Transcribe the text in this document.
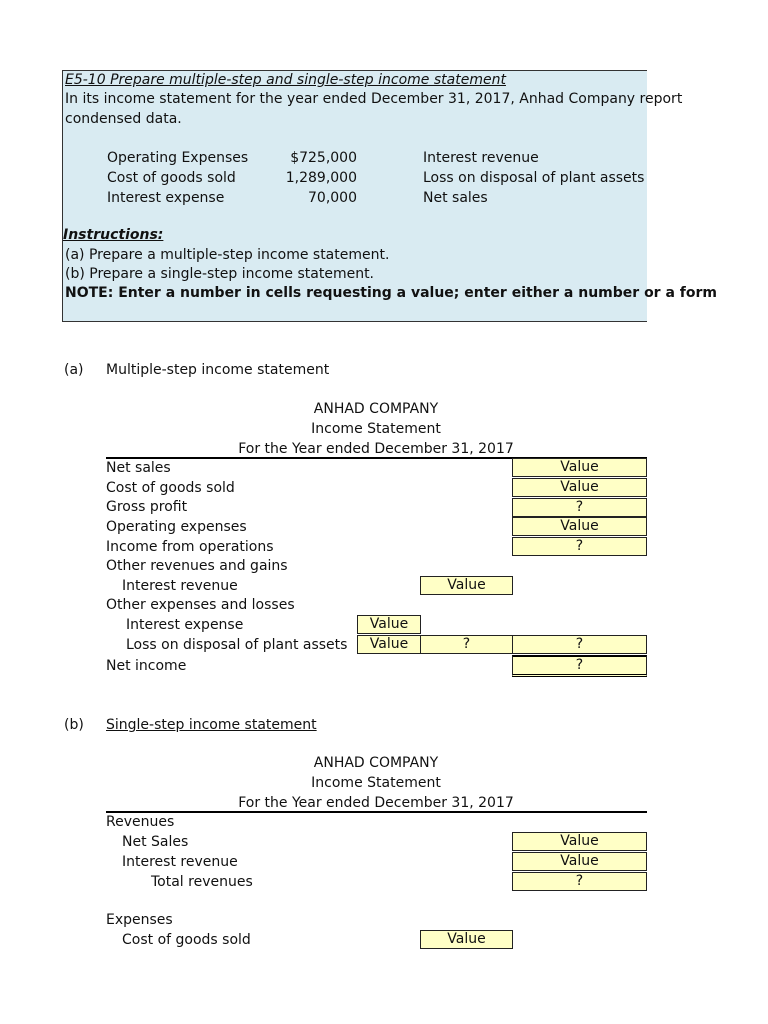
E5-10 Prepare multiple-step and single-step income statement
In its income statement for the year ended December 31, 2017, Anhad Company report
condensed data.
Operating Expenses	$725,000	Interest revenue
Cost of goods sold	1,289,000	Loss on disposal of plant assets
Interest expense	70,000	Net sales
Instructions:
(a) Prepare a multiple-step income statement.
(b) Prepare a single-step income statement.
NOTE: Enter a number in cells requesting a value; enter either a number or a form
(a) Multiple-step income statement
ANHAD COMPANY
Income Statement
For the Year ended December 31, 2017
Net sales	Value
Cost of goods sold	Value
Gross profit	?
Operating expenses	Value
Income from operations	?
Other revenues and gains
Interest revenue	Value
Other expenses and losses
Interest expense	Value
Loss on disposal of plant assets	Value	?	?
Net income	?
(b) Single-step income statement
ANHAD COMPANY
Income Statement
For the Year ended December 31, 2017
Revenues
Net Sales	Value
Interest revenue	Value
Total revenues	?
Expenses
Cost of goods sold	Value
